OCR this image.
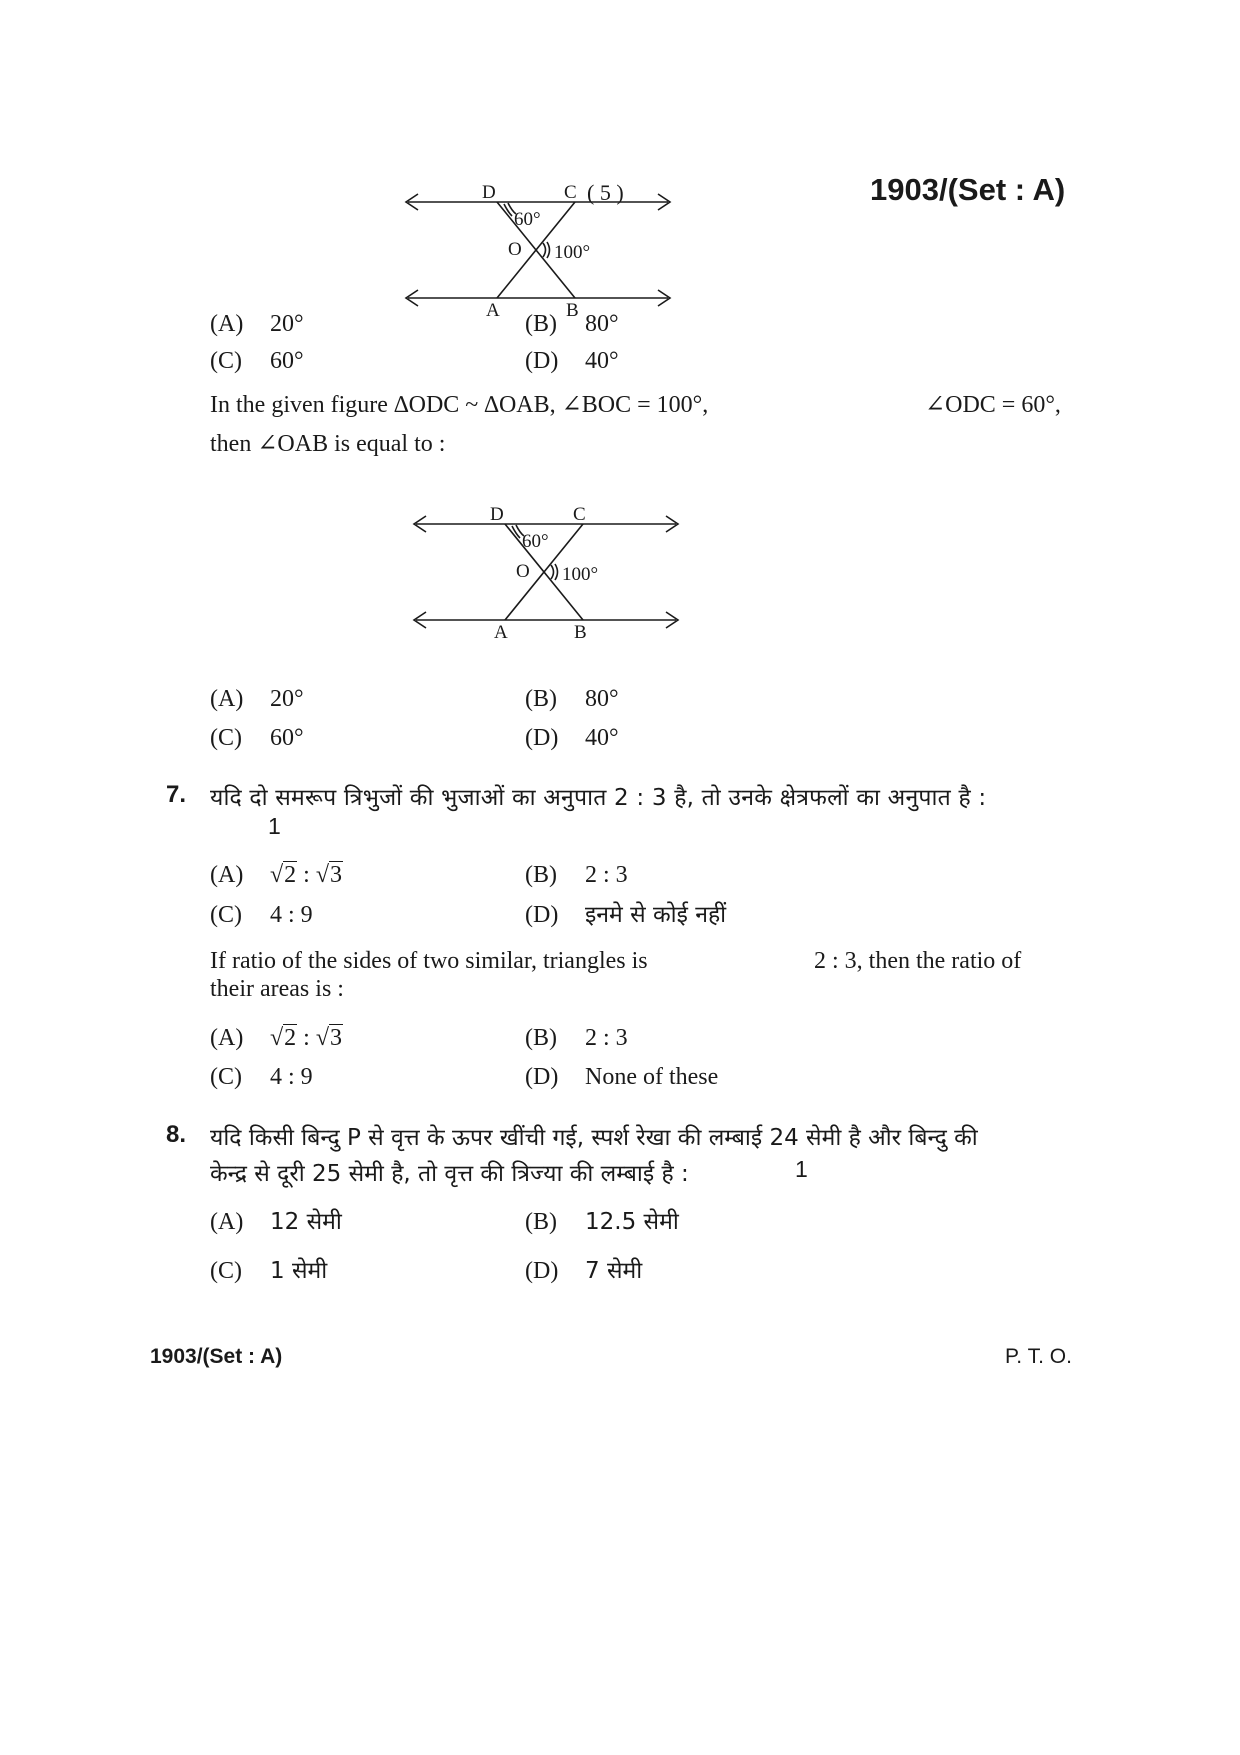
1903/(Set : A)
D	C ( 5 )
60°
O 100°
A	B
(A) 20°	(B) 80°
(C) 60°	(D) 40°
In the given figure ∆ODC ~ ∆OAB, ∠BOC = 100°,	∠ODC = 60°,
then ∠OAB is equal to :
D	C
60°
O 100°
A	B
(A) 20°	(B) 80°
(C) 60°	(D) 40°
7. यदि दो समरूप त्रिभुजों की भुजाओं का अनुपात 2 : 3 है, तो उनके क्षेत्रफलों का अनुपात है :
1
(A) √2 : √3	(B) 2 : 3
(C) 4 : 9	(D) इनमे से कोई नहीं
If ratio of the sides of two similar, triangles is	2 : 3, then the ratio of
their areas is :
(A) √2 : √3	(B) 2 : 3
(C) 4 : 9	(D) None of these
8. यदि किसी बिन्दु P से वृत्त के ऊपर खींची गई, स्पर्श रेखा की लम्बाई 24 सेमी है और बिन्दु की
केन्द्र से दूरी 25 सेमी है, तो वृत्त की त्रिज्या की लम्बाई है :	1
(A) 12 सेमी	(B) 12.5 सेमी
(C) 1 सेमी	(D) 7 सेमी
1903/(Set : A)	P. T. O.
